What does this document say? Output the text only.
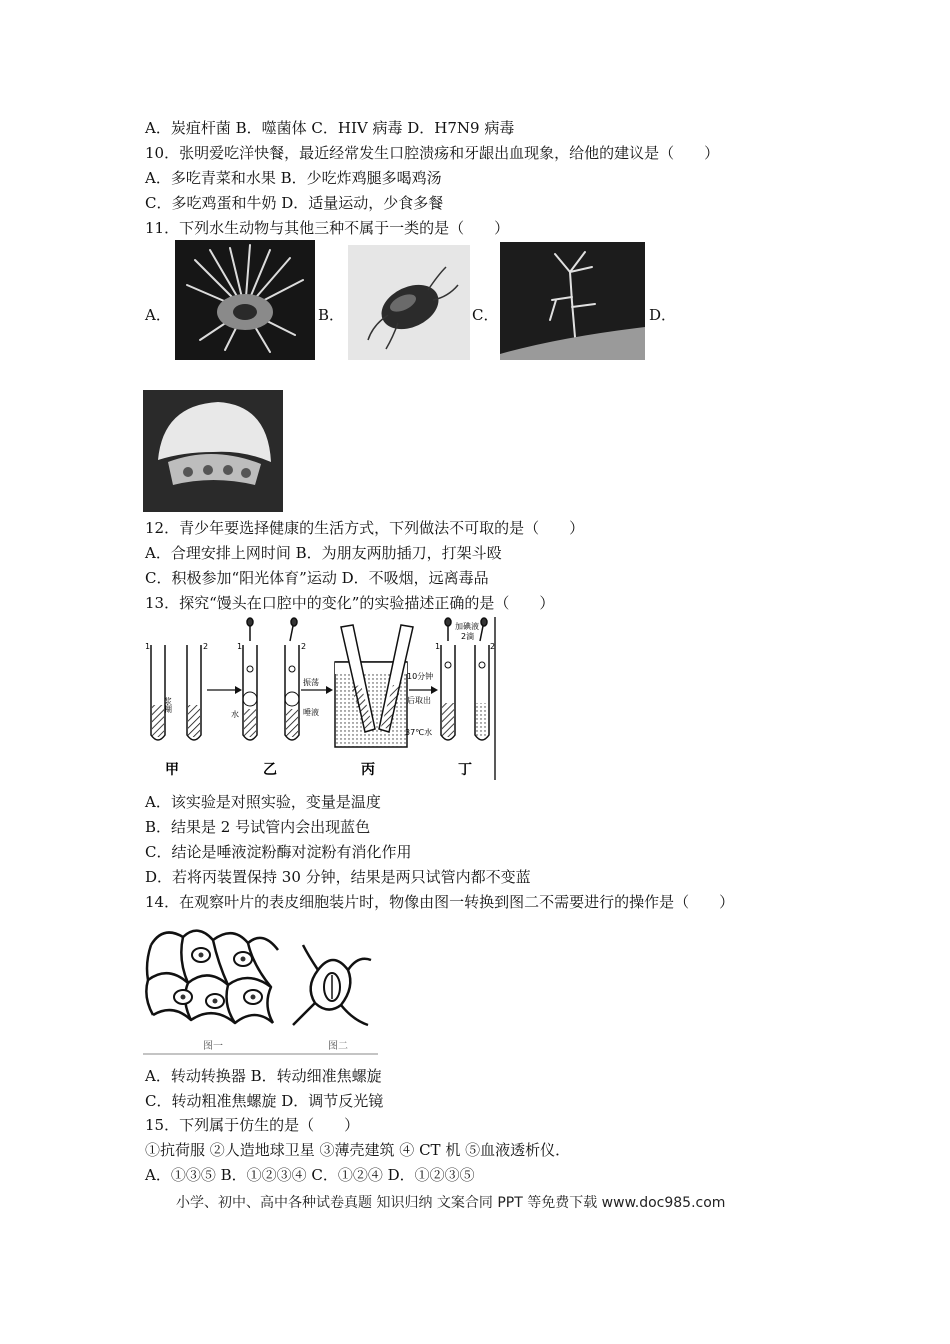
A．炭疽杆菌 B．噬菌体 C．HIV 病毒 D．H7N9 病毒
10．张明爱吃洋快餐，最近经常发生口腔溃疡和牙龈出血现象，给他的建议是（　　）
A．多吃青菜和水果 B．少吃炸鸡腿多喝鸡汤
C．多吃鸡蛋和牛奶 D．适量运动，少食多餐
11．下列水生动物与其他三种不属于一类的是（　　）
A．	B．	C．	D．
12．青少年要选择健康的生活方式，下列做法不可取的是（　　）
A．合理安排上网时间 B．为朋友两肋插刀，打架斗殴
C．积极参加“阳光体育”运动 D．不吸烟，远离毒品
13．探究“馒头在口腔中的变化”的实验描述正确的是（　　）
1	2
浆糊
水	唾液
1	2
振荡
37℃水
10分钟
后取出
加碘液
2滴
1	2
甲	乙	丙	丁
A．该实验是对照实验，变量是温度
B．结果是 2 号试管内会出现蓝色
C．结论是唾液淀粉酶对淀粉有消化作用
D．若将丙装置保持 30 分钟，结果是两只试管内都不变蓝
14．在观察叶片的表皮细胞装片时，物像由图一转换到图二不需要进行的操作是（　　）
图一	图二
A．转动转换器 B．转动细准焦螺旋
C．转动粗准焦螺旋 D．调节反光镜
15．下列属于仿生的是（　　）
①抗荷服 ②人造地球卫星 ③薄壳建筑 ④ CT 机 ⑤血液透析仪．
A．①③⑤ B．①②③④ C．①②④ D．①②③⑤
小学、初中、高中各种试卷真题 知识归纳 文案合同 PPT 等免费下载 www.doc985.com
